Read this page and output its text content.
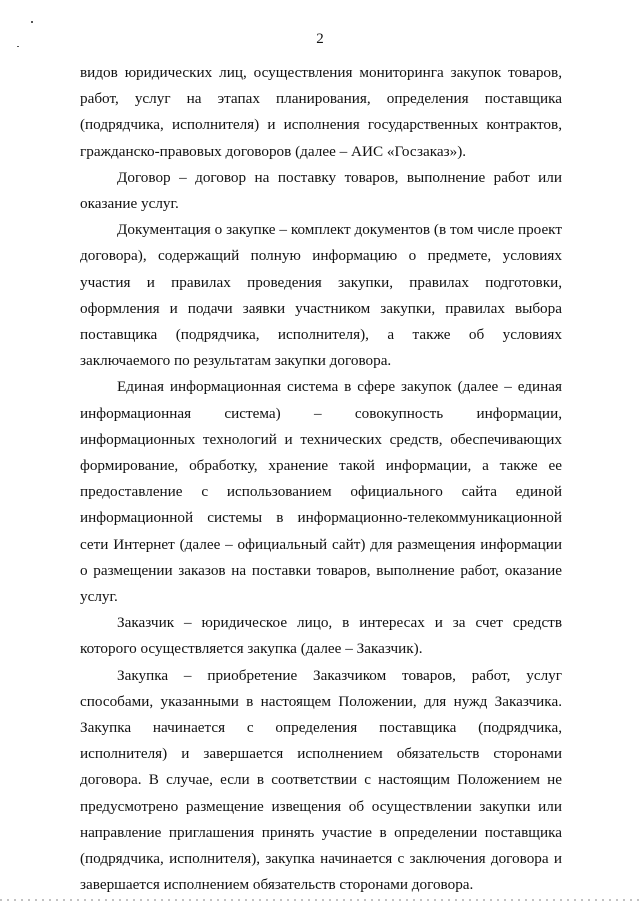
2

видов юридических лиц, осуществления мониторинга закупок товаров, работ, услуг на этапах планирования, определения поставщика (подрядчика, исполнителя) и исполнения государственных контрактов, гражданско-правовых договоров (далее – АИС «Госзаказ»).

Договор – договор на поставку товаров, выполнение работ или оказание услуг.

Документация о закупке – комплект документов (в том числе проект договора), содержащий полную информацию о предмете, условиях участия и правилах проведения закупки, правилах подготовки, оформления и подачи заявки участником закупки, правилах выбора поставщика (подрядчика, исполнителя), а также об условиях заключаемого по результатам закупки договора.

Единая информационная система в сфере закупок (далее – единая информационная система) – совокупность информации, информационных технологий и технических средств, обеспечивающих формирование, обработку, хранение такой информации, а также ее предоставление с использованием официального сайта единой информационной системы в информационно-телекоммуникационной сети Интернет (далее – официальный сайт) для размещения информации о размещении заказов на поставки товаров, выполнение работ, оказание услуг.

Заказчик – юридическое лицо, в интересах и за счет средств которого осуществляется закупка (далее – Заказчик).

Закупка – приобретение Заказчиком товаров, работ, услуг способами, указанными в настоящем Положении, для нужд Заказчика. Закупка начинается с определения поставщика (подрядчика, исполнителя) и завершается исполнением обязательств сторонами договора. В случае, если в соответствии с настоящим Положением не предусмотрено размещение извещения об осуществлении закупки или направление приглашения принять участие в определении поставщика (подрядчика, исполнителя), закупка начинается с заключения договора и завершается исполнением обязательств сторонами договора.
